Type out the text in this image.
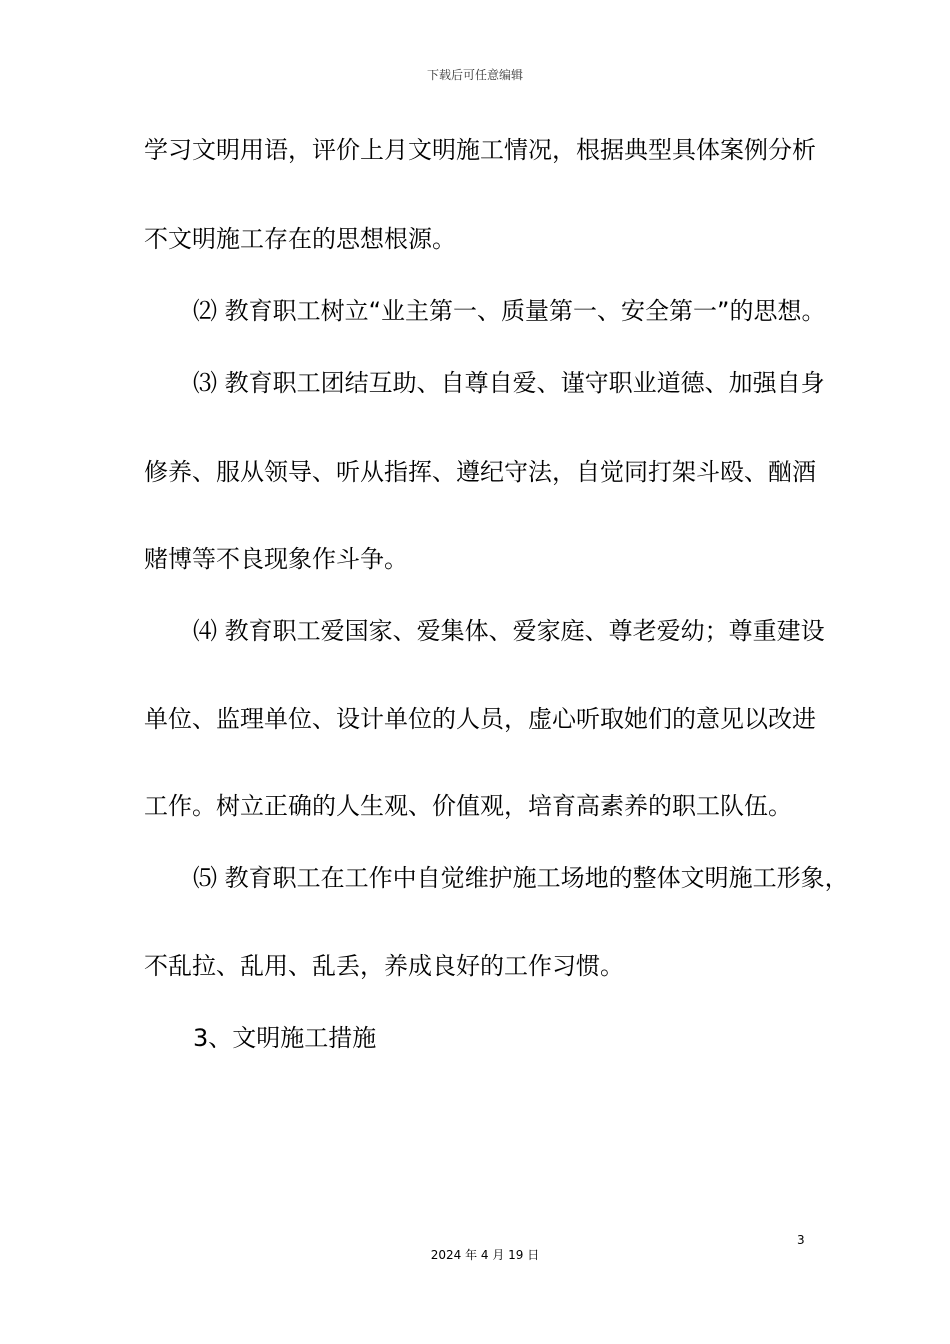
下载后可任意编辑
学习文明用语，评价上月文明施工情况，根据典型具体案例分析
不文明施工存在的思想根源。
⑵ 教育职工树立“业主第一、质量第一、安全第一”的思想。
⑶ 教育职工团结互助、自尊自爱、谨守职业道德、加强自身
修养、服从领导、听从指挥、遵纪守法，自觉同打架斗殴、酗酒
赌博等不良现象作斗争。
⑷ 教育职工爱国家、爱集体、爱家庭、尊老爱幼；尊重建设
单位、监理单位、设计单位的人员，虚心听取她们的意见以改进
工作。树立正确的人生观、价值观，培育高素养的职工队伍。
⑸ 教育职工在工作中自觉维护施工场地的整体文明施工形象，
不乱拉、乱用、乱丢，养成良好的工作习惯。
3、文明施工措施
3
2024 年 4 月 19 日
